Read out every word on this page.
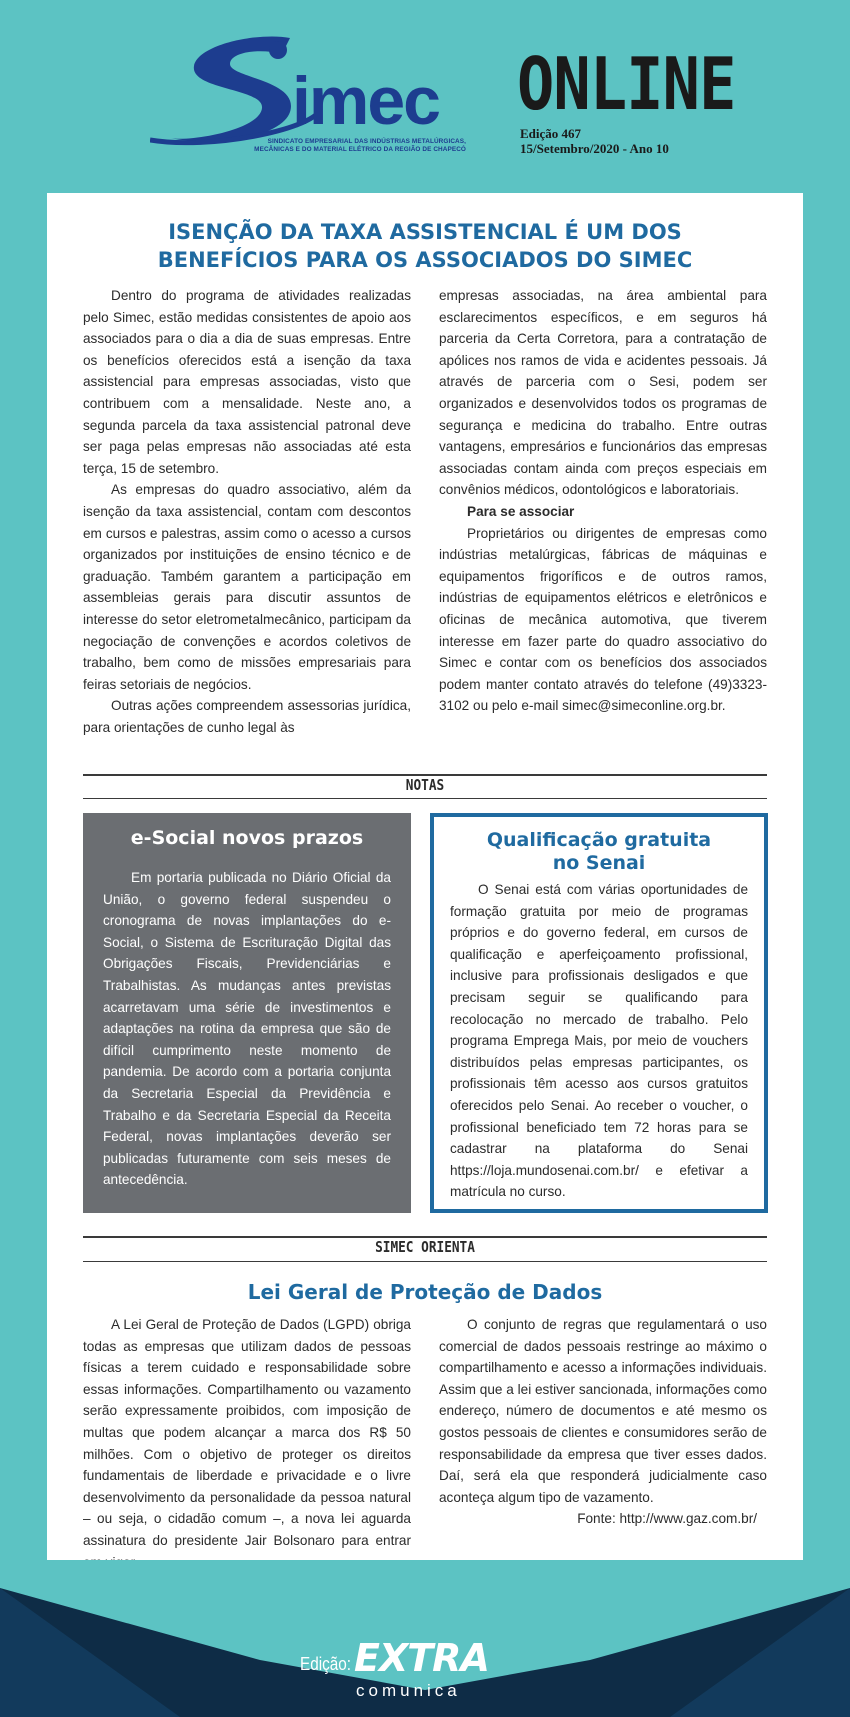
imec
SINDICATO EMPRESARIAL DAS INDÚSTRIAS METALÚRGICAS,
MECÂNICAS E DO MATERIAL ELÉTRICO DA REGIÃO DE CHAPECÓ
ONLINE
Edição 467
15/Setembro/2020 - Ano 10
ISENÇÃO DA TAXA ASSISTENCIAL É UM DOS
BENEFÍCIOS PARA OS ASSOCIADOS DO SIMEC

Dentro do programa de atividades realizadas pelo Simec, estão medidas consistentes de apoio aos associados para o dia a dia de suas empresas. Entre os benefícios oferecidos está a isenção da taxa assistencial para empresas associadas, visto que contribuem com a mensalidade. Neste ano, a segunda parcela da taxa assistencial patronal deve ser paga pelas empresas não associadas até esta terça, 15 de setembro.

As empresas do quadro associativo, além da isenção da taxa assistencial, contam com descontos em cursos e palestras, assim como o acesso a cursos organizados por instituições de ensino técnico e de graduação. Também garantem a participação em assembleias gerais para discutir assuntos de interesse do setor eletrometalmecânico, participam da negociação de convenções e acordos coletivos de trabalho, bem como de missões empresariais para feiras setoriais de negócios.

Outras ações compreendem assessorias jurídica, para orientações de cunho legal às

empresas associadas, na área ambiental para esclarecimentos específicos, e em seguros há parceria da Certa Corretora, para a contratação de apólices nos ramos de vida e acidentes pessoais. Já através de parceria com o Sesi, podem ser organizados e desenvolvidos todos os programas de segurança e medicina do trabalho. Entre outras vantagens, empresários e funcionários das empresas associadas contam ainda com preços especiais em convênios médicos, odontológicos e laboratoriais.

Para se associar

Proprietários ou dirigentes de empresas como indústrias metalúrgicas, fábricas de máquinas e equipamentos frigoríficos e de outros ramos, indústrias de equipamentos elétricos e eletrônicos e oficinas de mecânica automotiva, que tiverem interesse em fazer parte do quadro associativo do Simec e contar com os benefícios dos associados podem manter contato através do telefone (49)3323-3102 ou pelo e-mail simec@simeconline.org.br.

NOTAS
e-Social novos prazos

Em portaria publicada no Diário Oficial da União, o governo federal suspendeu o cronograma de novas implantações do e-Social, o Sistema de Escrituração Digital das Obrigações Fiscais, Previdenciárias e Trabalhistas. As mudanças antes previstas acarretavam uma série de investimentos e adaptações na rotina da empresa que são de difícil cumprimento neste momento de pandemia. De acordo com a portaria conjunta da Secretaria Especial da Previdência e Trabalho e da Secretaria Especial da Receita Federal, novas implantações deverão ser publicadas futuramente com seis meses de antecedência.

Qualificação gratuita
no Senai

O Senai está com várias oportunidades de formação gratuita por meio de programas próprios e do governo federal, em cursos de qualificação e aperfeiçoamento profissional, inclusive para profissionais desligados e que precisam seguir se qualificando para recolocação no mercado de trabalho. Pelo programa Emprega Mais, por meio de vouchers distribuídos pelas empresas participantes, os profissionais têm acesso aos cursos gratuitos oferecidos pelo Senai. Ao receber o voucher, o profissional beneficiado tem 72 horas para se cadastrar na plataforma do Senai https://loja.mundosenai.com.br/ e efetivar a matrícula no curso.

SIMEC ORIENTA
Lei Geral de Proteção de Dados

A Lei Geral de Proteção de Dados (LGPD) obriga todas as empresas que utilizam dados de pessoas físicas a terem cuidado e responsabilidade sobre essas informações. Compartilhamento ou vazamento serão expressamente proibidos, com imposição de multas que podem alcançar a marca dos R$ 50 milhões. Com o objetivo de proteger os direitos fundamentais de liberdade e privacidade e o livre desenvolvimento da personalidade da pessoa natural – ou seja, o cidadão comum –, a nova lei aguarda assinatura do presidente Jair Bolsonaro para entrar

O conjunto de regras que regulamentará o uso comercial de dados pessoais restringe ao máximo o compartilhamento e acesso a informações individuais. Assim que a lei estiver sancionada, informações como endereço, número de documentos e até mesmo os gostos pessoais de clientes e consumidores serão de responsabilidade da empresa que tiver esses dados. Daí, será ela que responderá judicialmente caso aconteça algum tipo de vazamento.

Fonte: http://www.gaz.com.br/

Edição: EXTRA
comunica
